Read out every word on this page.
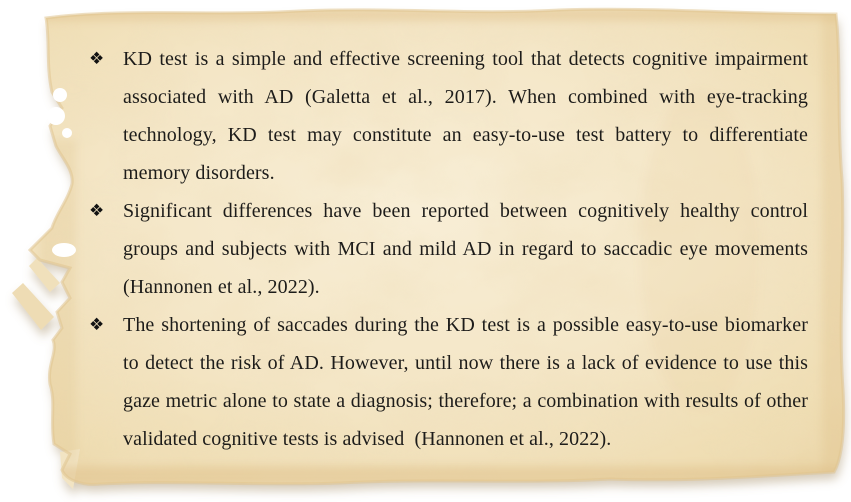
❖ KD test is a simple and effective screening tool that detects cognitive impairment associated with AD (Galetta et al., 2017). When combined with eye-tracking technology, KD test may constitute an easy-to-use test battery to differentiate memory disorders.
❖ Significant differences have been reported between cognitively healthy control groups and subjects with MCI and mild AD in regard to saccadic eye movements (Hannonen et al., 2022).
❖ The shortening of saccades during the KD test is a possible easy-to-use biomarker to detect the risk of AD. However, until now there is a lack of evidence to use this gaze metric alone to state a diagnosis; therefore; a combination with results of other validated cognitive tests is advised  (Hannonen et al., 2022).
